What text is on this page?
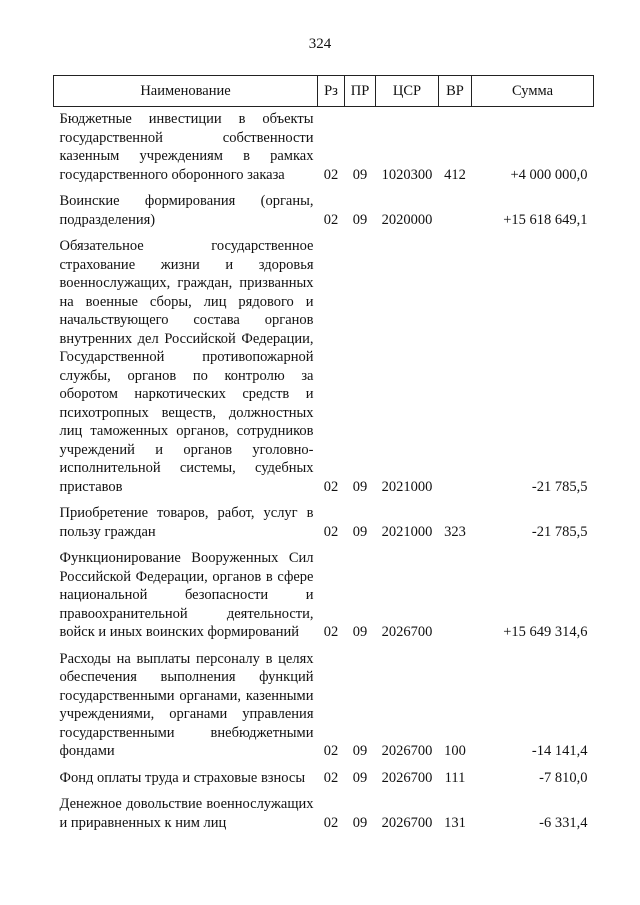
324
Наименование	Рз	ПР	ЦСР	ВР	Сумма
Бюджетные инвестиции в объекты государственной собственности казенным учреждениям в рамках государственного оборонного заказа	02	09	1020300	412	+4 000 000,0
Воинские формирования (органы, подразделения)	02	09	2020000		+15 618 649,1
Обязательное государственное страхование жизни и здоровья военнослужащих, граждан, призванных на военные сборы, лиц рядового и начальствующего состава органов внутренних дел Российской Федерации, Государственной противопожарной службы, органов по контролю за оборотом наркотических средств и психотропных веществ, должностных лиц таможенных органов, сотрудников учреждений и органов уголовно-исполнительной системы, судебных приставов	02	09	2021000		-21 785,5
Приобретение товаров, работ, услуг в пользу граждан	02	09	2021000	323	-21 785,5
Функционирование Вооруженных Сил Российской Федерации, органов в сфере национальной безопасности и правоохранительной деятельности, войск и иных воинских формирований	02	09	2026700		+15 649 314,6
Расходы на выплаты персоналу в целях обеспечения выполнения функций государственными органами, казенными учреждениями, органами управления государственными внебюджетными фондами	02	09	2026700	100	-14 141,4
Фонд оплаты труда и страховые взносы	02	09	2026700	111	-7 810,0
Денежное довольствие военнослужащих и приравненных к ним лиц	02	09	2026700	131	-6 331,4
